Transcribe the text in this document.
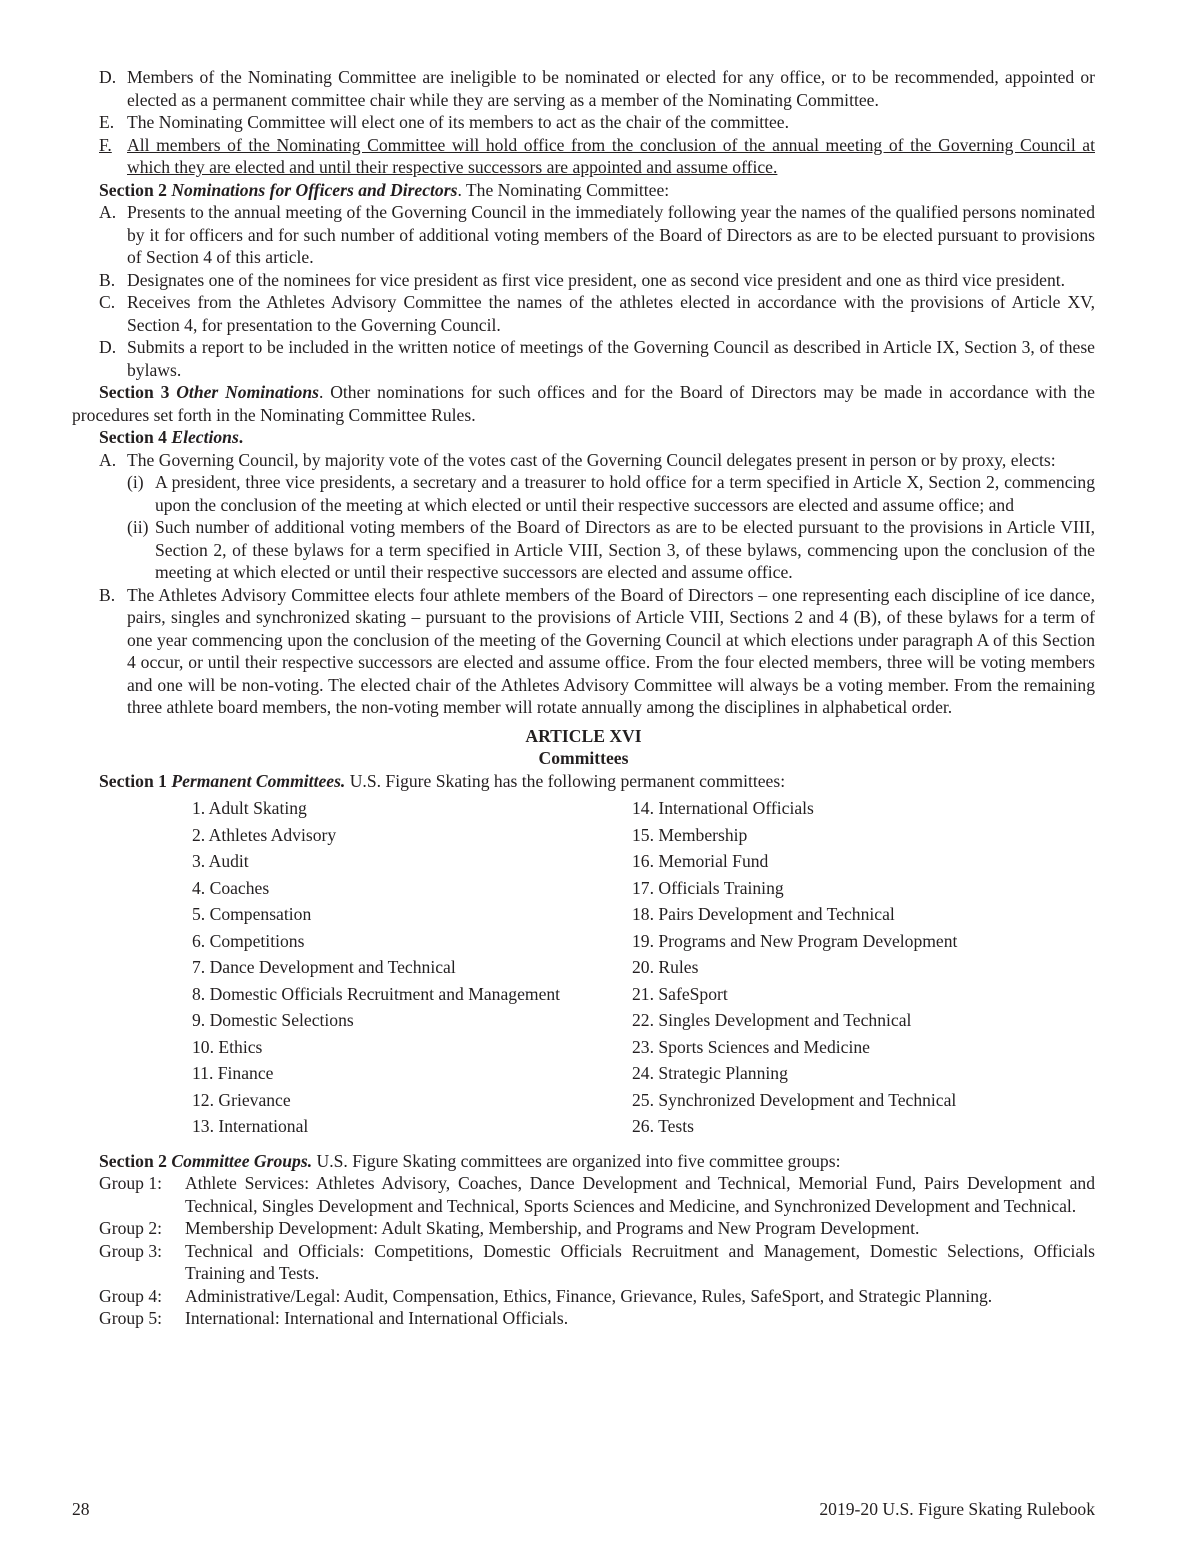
D. Members of the Nominating Committee are ineligible to be nominated or elected for any office, or to be recommended, appointed or elected as a permanent committee chair while they are serving as a member of the Nominating Committee.
E. The Nominating Committee will elect one of its members to act as the chair of the committee.
F. All members of the Nominating Committee will hold office from the conclusion of the annual meeting of the Governing Council at which they are elected and until their respective successors are appointed and assume office.
Section 2 Nominations for Officers and Directors. The Nominating Committee:
A. Presents to the annual meeting of the Governing Council in the immediately following year the names of the qualified persons nominated by it for officers and for such number of additional voting members of the Board of Directors as are to be elected pursuant to provisions of Section 4 of this article.
B. Designates one of the nominees for vice president as first vice president, one as second vice president and one as third vice president.
C. Receives from the Athletes Advisory Committee the names of the athletes elected in accordance with the provisions of Article XV, Section 4, for presentation to the Governing Council.
D. Submits a report to be included in the written notice of meetings of the Governing Council as described in Article IX, Section 3, of these bylaws.
Section 3 Other Nominations. Other nominations for such offices and for the Board of Directors may be made in accordance with the procedures set forth in the Nominating Committee Rules.
Section 4 Elections.
A. The Governing Council, by majority vote of the votes cast of the Governing Council delegates present in person or by proxy, elects:
(i) A president, three vice presidents, a secretary and a treasurer to hold office for a term specified in Article X, Section 2, commencing upon the conclusion of the meeting at which elected or until their respective successors are elected and assume office; and
(ii) Such number of additional voting members of the Board of Directors as are to be elected pursuant to the provisions in Article VIII, Section 2, of these bylaws for a term specified in Article VIII, Section 3, of these bylaws, commencing upon the conclusion of the meeting at which elected or until their respective successors are elected and assume office.
B. The Athletes Advisory Committee elects four athlete members of the Board of Directors – one representing each discipline of ice dance, pairs, singles and synchronized skating – pursuant to the provisions of Article VIII, Sections 2 and 4 (B), of these bylaws for a term of one year commencing upon the conclusion of the meeting of the Governing Council at which elections under paragraph A of this Section 4 occur, or until their respective successors are elected and assume office. From the four elected members, three will be voting members and one will be non-voting. The elected chair of the Athletes Advisory Committee will always be a voting member. From the remaining three athlete board members, the non-voting member will rotate annually among the disciplines in alphabetical order.
ARTICLE XVI
Committees
Section 1 Permanent Committees. U.S. Figure Skating has the following permanent committees:
1. Adult Skating
2. Athletes Advisory
3. Audit
4. Coaches
5. Compensation
6. Competitions
7. Dance Development and Technical
8. Domestic Officials Recruitment and Management
9. Domestic Selections
10. Ethics
11. Finance
12. Grievance
13. International
14. International Officials
15. Membership
16. Memorial Fund
17. Officials Training
18. Pairs Development and Technical
19. Programs and New Program Development
20. Rules
21. SafeSport
22. Singles Development and Technical
23. Sports Sciences and Medicine
24. Strategic Planning
25. Synchronized Development and Technical
26. Tests
Section 2 Committee Groups. U.S. Figure Skating committees are organized into five committee groups:
Group 1:	Athlete Services: Athletes Advisory, Coaches, Dance Development and Technical, Memorial Fund, Pairs Development and Technical, Singles Development and Technical, Sports Sciences and Medicine, and Synchronized Development and Technical.
Group 2:	Membership Development: Adult Skating, Membership, and Programs and New Program Development.
Group 3:	Technical and Officials: Competitions, Domestic Officials Recruitment and Management, Domestic Selections, Officials Training and Tests.
Group 4:	Administrative/Legal: Audit, Compensation, Ethics, Finance, Grievance, Rules, SafeSport, and Strategic Planning.
Group 5:	International: International and International Officials.
28	2019-20 U.S. Figure Skating Rulebook
